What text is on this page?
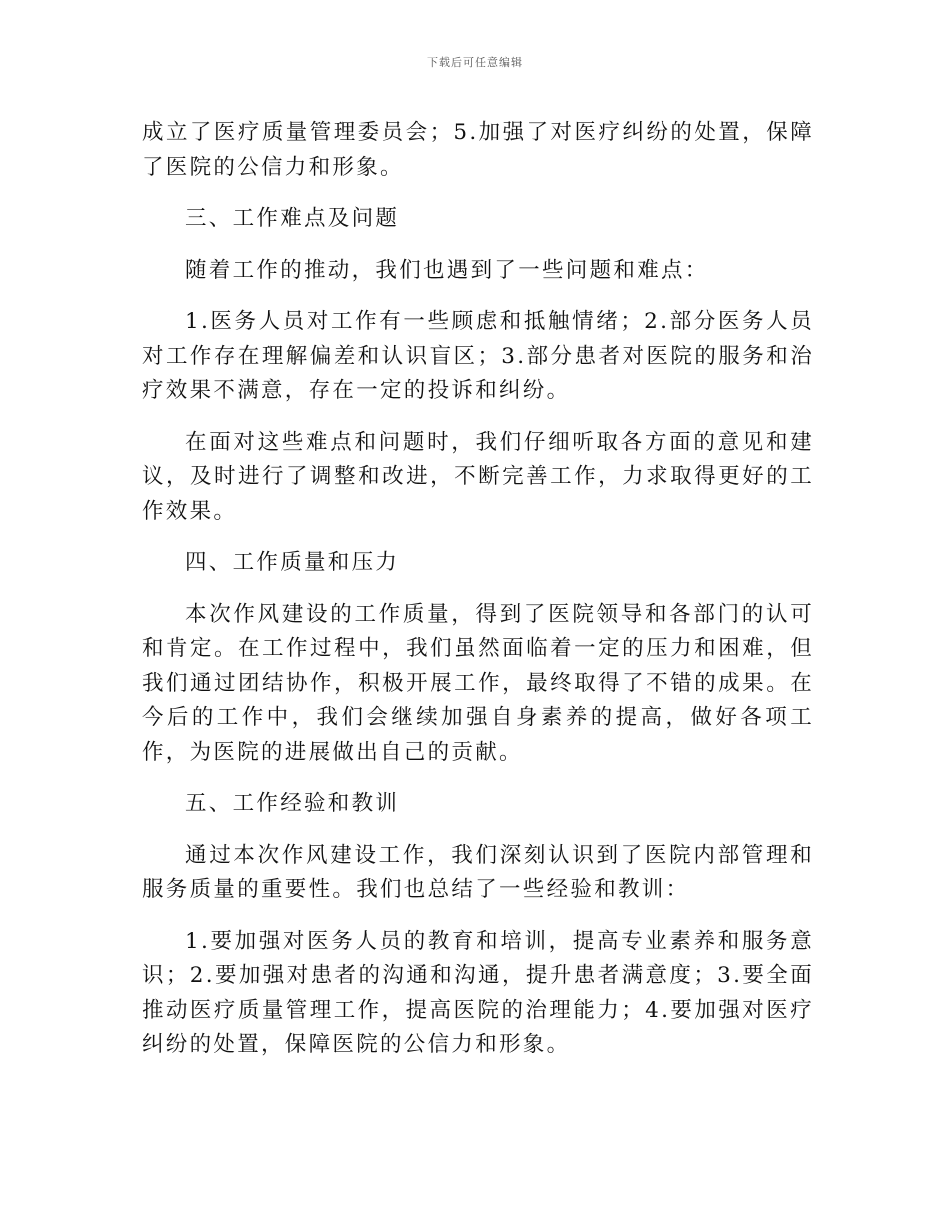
下载后可任意编辑

成立了医疗质量管理委员会；5.加强了对医疗纠纷的处置，保障了医院的公信力和形象。

三、工作难点及问题

随着工作的推动，我们也遇到了一些问题和难点：

1.医务人员对工作有一些顾虑和抵触情绪；2.部分医务人员对工作存在理解偏差和认识盲区；3.部分患者对医院的服务和治疗效果不满意，存在一定的投诉和纠纷。

在面对这些难点和问题时，我们仔细听取各方面的意见和建议，及时进行了调整和改进，不断完善工作，力求取得更好的工作效果。

四、工作质量和压力

本次作风建设的工作质量，得到了医院领导和各部门的认可和肯定。在工作过程中，我们虽然面临着一定的压力和困难，但我们通过团结协作，积极开展工作，最终取得了不错的成果。在今后的工作中，我们会继续加强自身素养的提高，做好各项工作，为医院的进展做出自己的贡献。

五、工作经验和教训

通过本次作风建设工作，我们深刻认识到了医院内部管理和服务质量的重要性。我们也总结了一些经验和教训：

1.要加强对医务人员的教育和培训，提高专业素养和服务意识；2.要加强对患者的沟通和沟通，提升患者满意度；3.要全面推动医疗质量管理工作，提高医院的治理能力；4.要加强对医疗纠纷的处置，保障医院的公信力和形象。
